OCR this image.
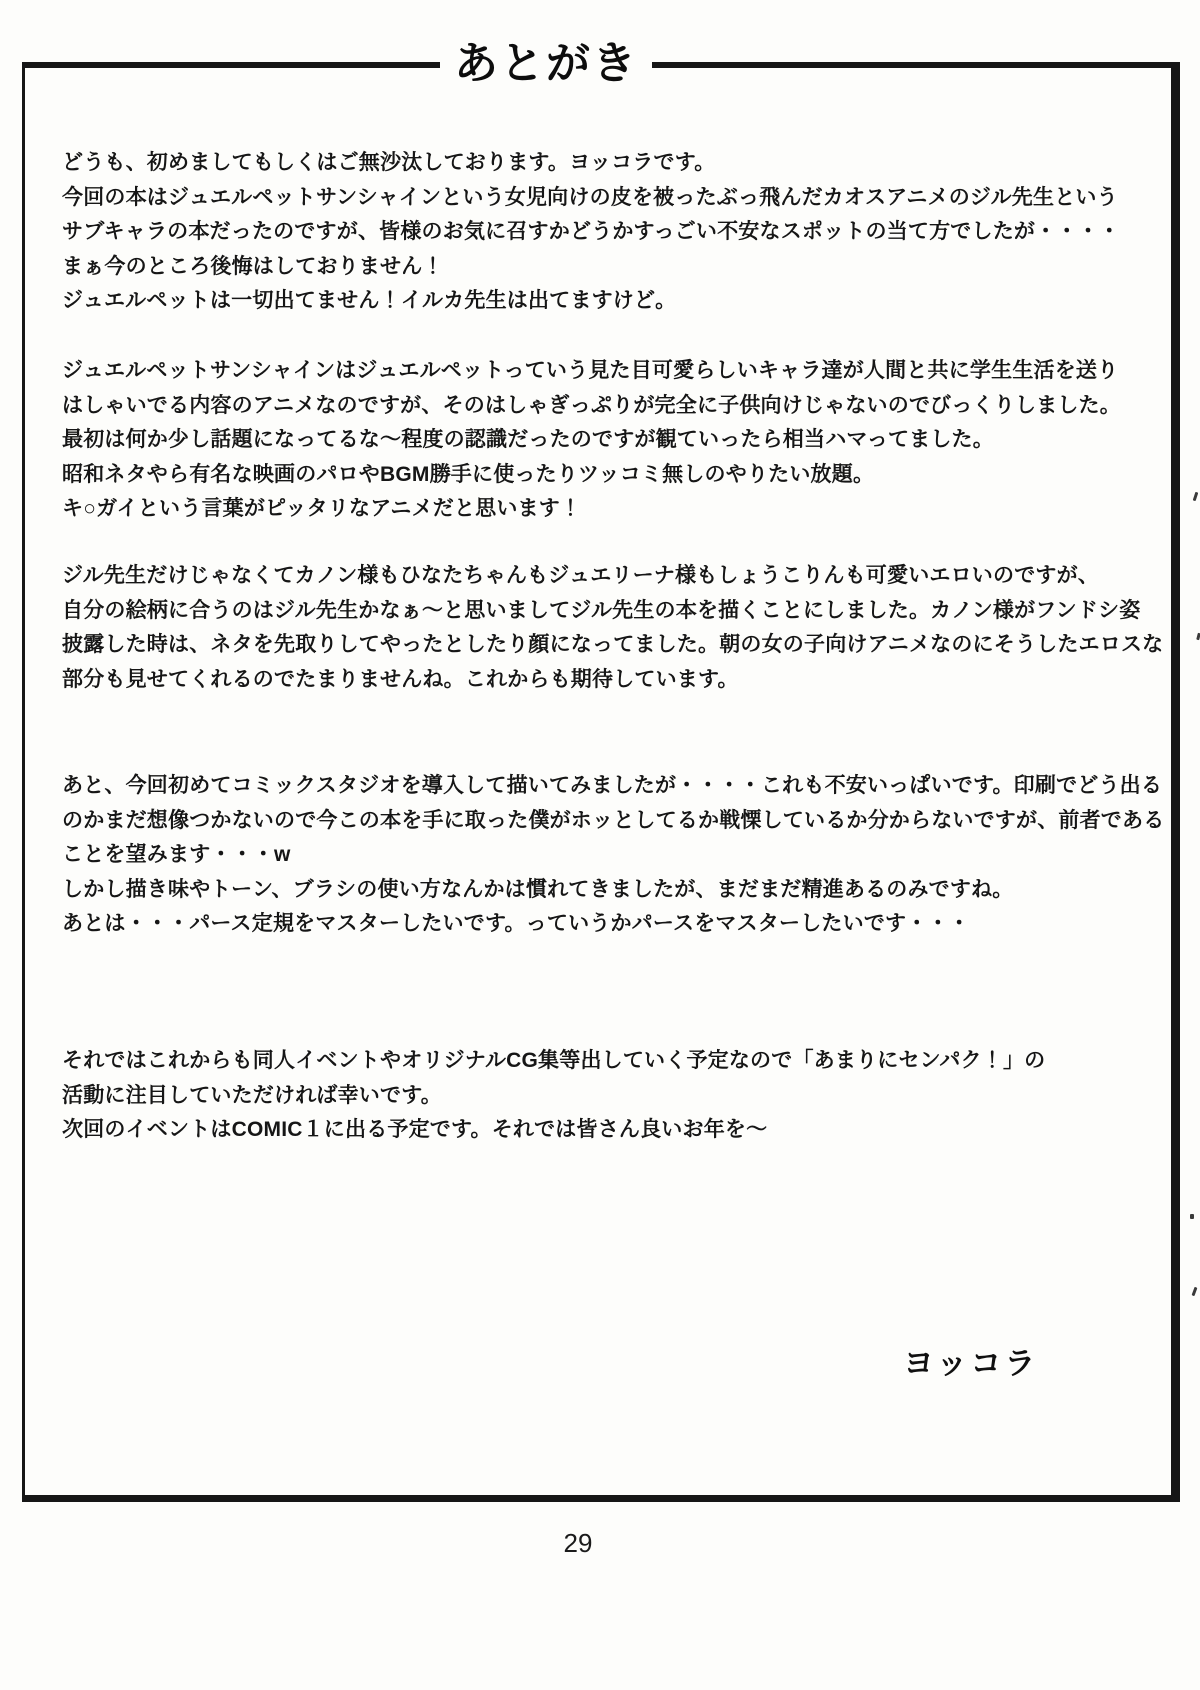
あとがき
どうも、初めましてもしくはご無沙汰しております。ヨッコラです。
今回の本はジュエルペットサンシャインという女児向けの皮を被ったぶっ飛んだカオスアニメのジル先生という
サブキャラの本だったのですが、皆様のお気に召すかどうかすっごい不安なスポットの当て方でしたが・・・・
まぁ今のところ後悔はしておりません！
ジュエルペットは一切出てません！イルカ先生は出てますけど。
ジュエルペットサンシャインはジュエルペットっていう見た目可愛らしいキャラ達が人間と共に学生生活を送り
はしゃいでる内容のアニメなのですが、そのはしゃぎっぷりが完全に子供向けじゃないのでびっくりしました。
最初は何か少し話題になってるな〜程度の認識だったのですが観ていったら相当ハマってました。
昭和ネタやら有名な映画のパロやBGM勝手に使ったりツッコミ無しのやりたい放題。
キ○ガイという言葉がピッタリなアニメだと思います！
ジル先生だけじゃなくてカノン様もひなたちゃんもジュエリーナ様もしょうこりんも可愛いエロいのですが、
自分の絵柄に合うのはジル先生かなぁ〜と思いましてジル先生の本を描くことにしました。カノン様がフンドシ姿
披露した時は、ネタを先取りしてやったとしたり顔になってました。朝の女の子向けアニメなのにそうしたエロスな
部分も見せてくれるのでたまりませんね。これからも期待しています。
あと、今回初めてコミックスタジオを導入して描いてみましたが・・・・これも不安いっぱいです。印刷でどう出る
のかまだ想像つかないので今この本を手に取った僕がホッとしてるか戦慄しているか分からないですが、前者である
ことを望みます・・・w
しかし描き味やトーン、ブラシの使い方なんかは慣れてきましたが、まだまだ精進あるのみですね。
あとは・・・パース定規をマスターしたいです。っていうかパースをマスターしたいです・・・
それではこれからも同人イベントやオリジナルCG集等出していく予定なので「あまりにセンパク！」の
活動に注目していただければ幸いです。
次回のイベントはCOMIC１に出る予定です。それでは皆さん良いお年を〜
ヨッコラ
29
